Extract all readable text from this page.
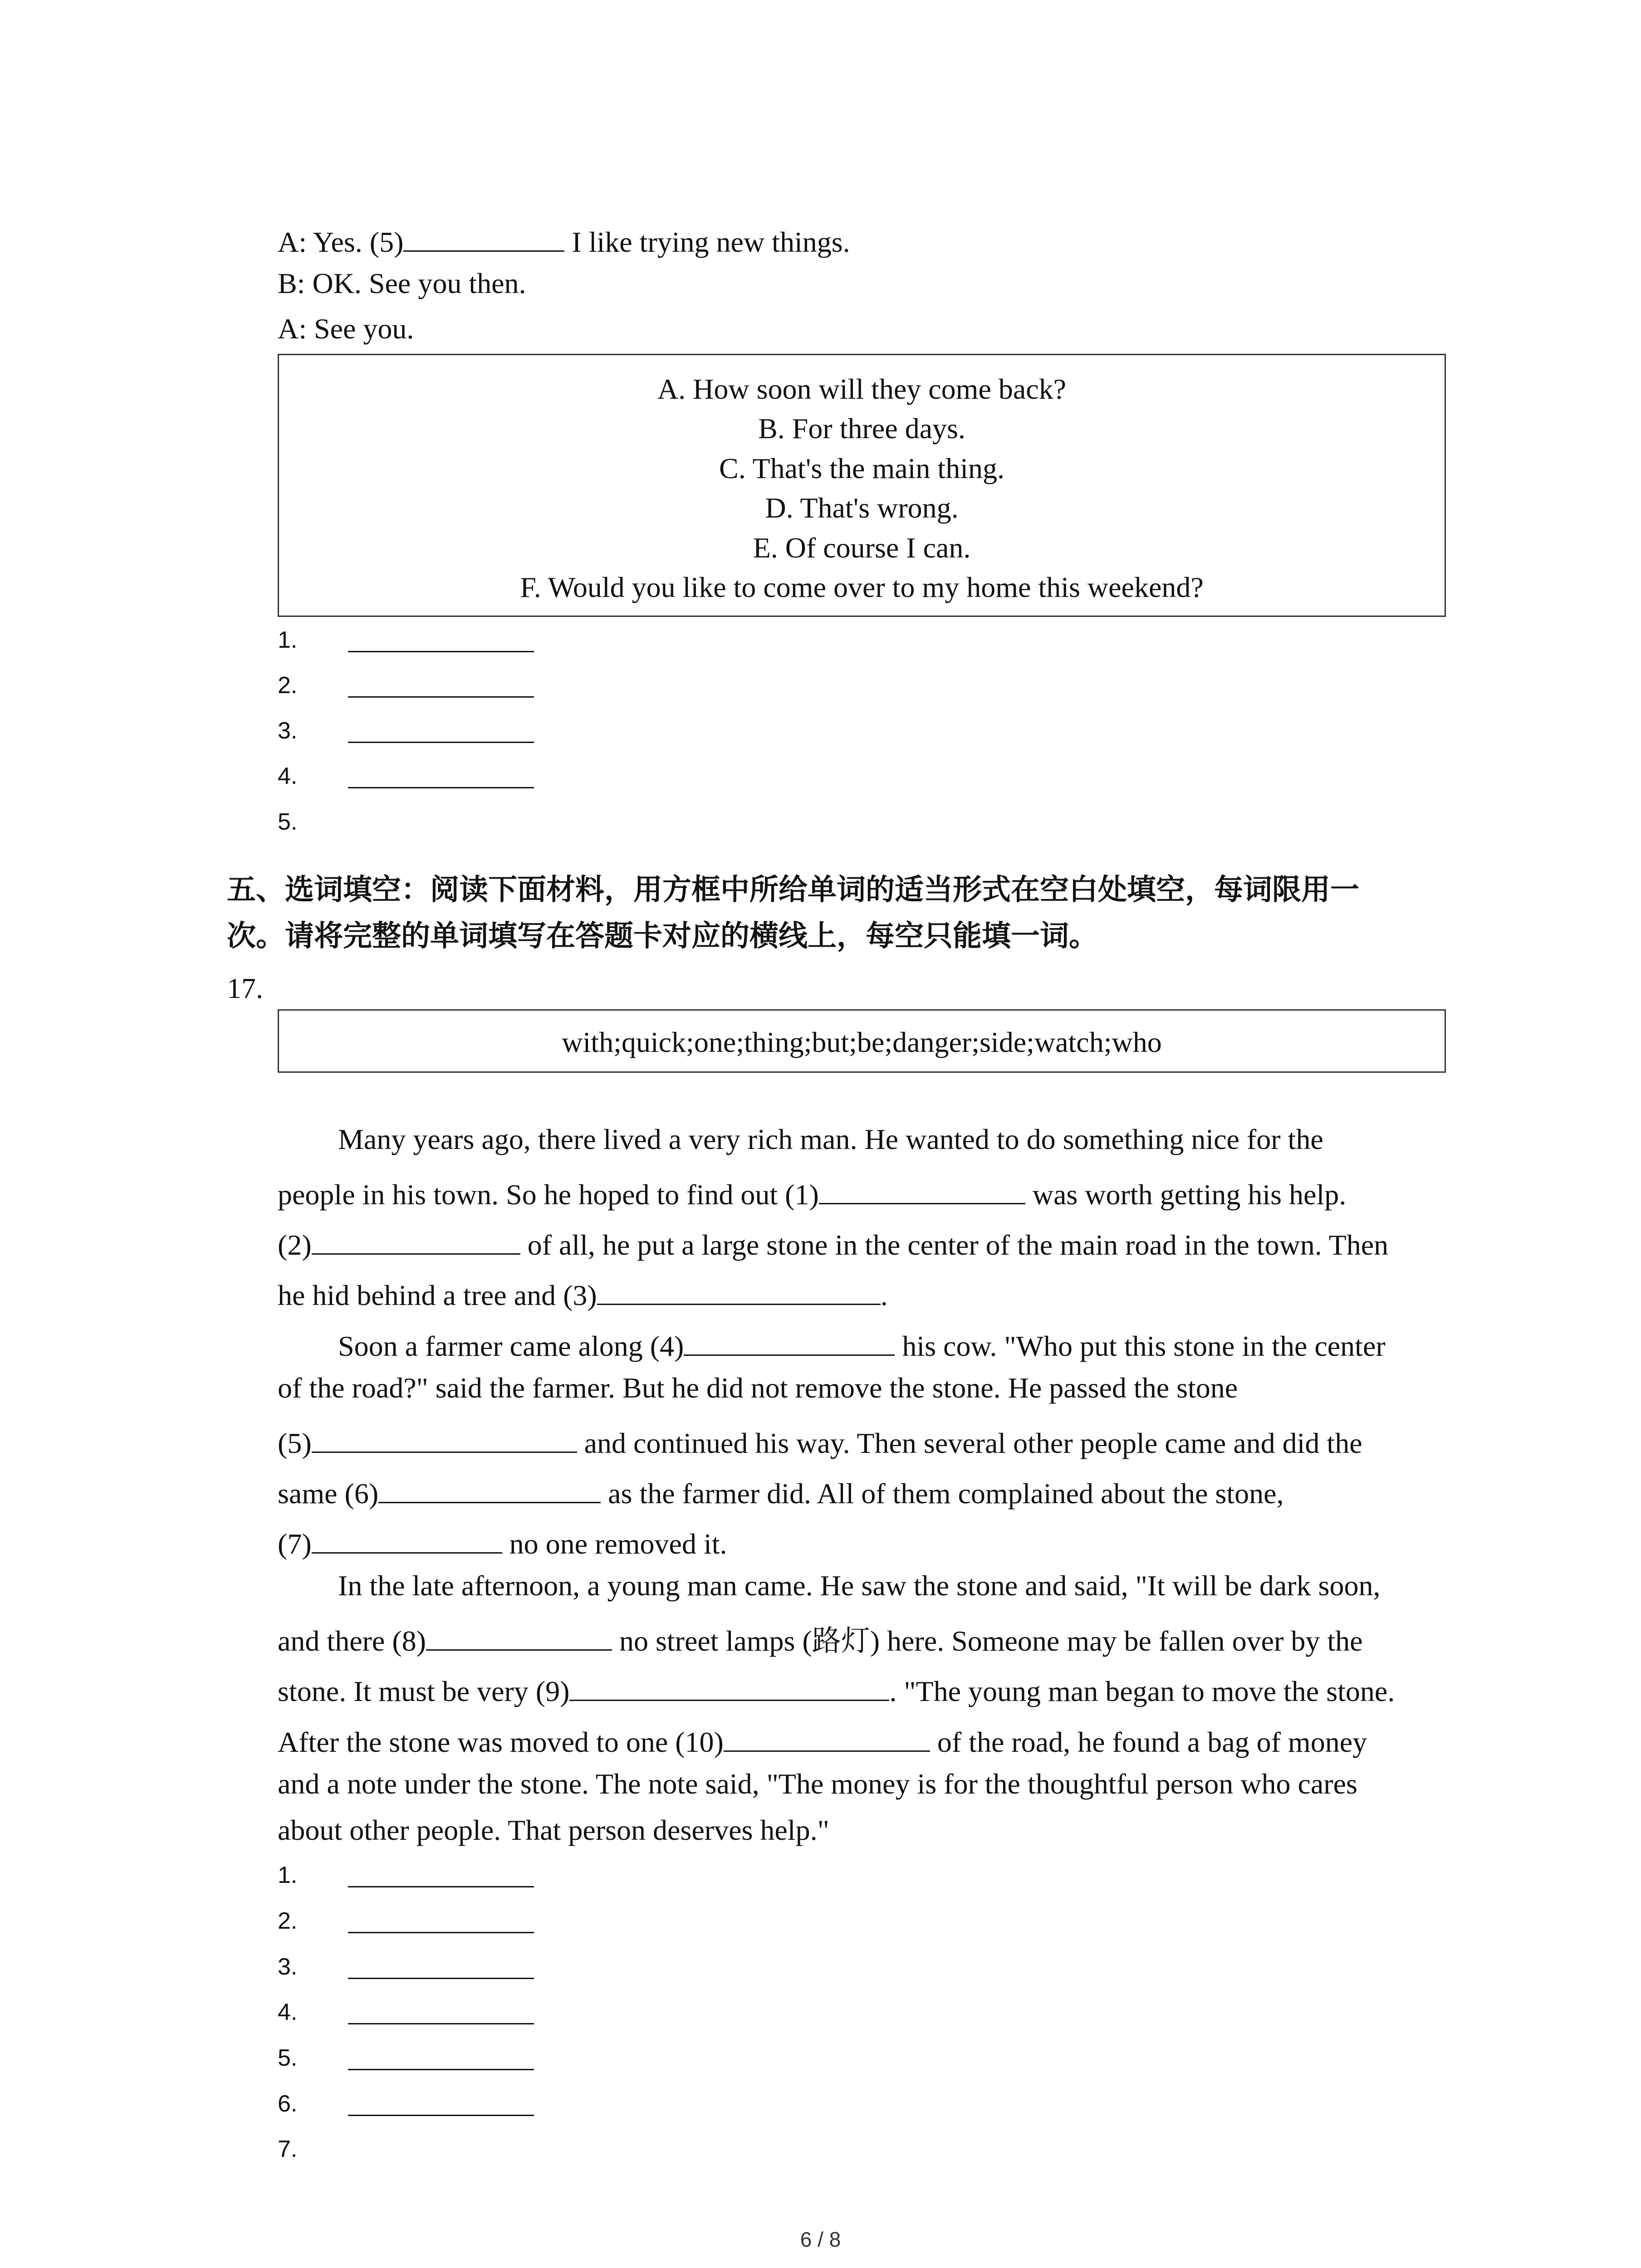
A: Yes. (5)	I like trying new things.
B: OK. See you then.
A: See you.
A. How soon will they come back?
B. For three days.
C. That's the main thing.
D. That's wrong.
E. Of course I can.
F. Would you like to come over to my home this weekend?
1.
2.
3.
4.
5.
五、选词填空：阅读下面材料，用方框中所给单词的适当形式在空白处填空，每词限用一
次。请将完整的单词填写在答题卡对应的横线上，每空只能填一词。
17.
with;quick;one;thing;but;be;danger;side;watch;who
Many years ago, there lived a very rich man. He wanted to do something nice for the
people in his town. So he hoped to find out (1)	was worth getting his help.
(2)	of all, he put a large stone in the center of the main road in the town. Then
he hid behind a tree and (3)	.
Soon a farmer came along (4)	his cow. "Who put this stone in the center
of the road?" said the farmer. But he did not remove the stone. He passed the stone
(5)	and continued his way. Then several other people came and did the
same (6)	as the farmer did. All of them complained about the stone,
(7)	no one removed it.
In the late afternoon, a young man came. He saw the stone and said, "It will be dark soon,
and there (8)	no street lamps (路灯) here. Someone may be fallen over by the
stone. It must be very (9)	. "The young man began to move the stone.
After the stone was moved to one (10)	of the road, he found a bag of money
and a note under the stone. The note said, "The money is for the thoughtful person who cares
about other people. That person deserves help."
1.
2.
3.
4.
5.
6.
7.
6 / 8
